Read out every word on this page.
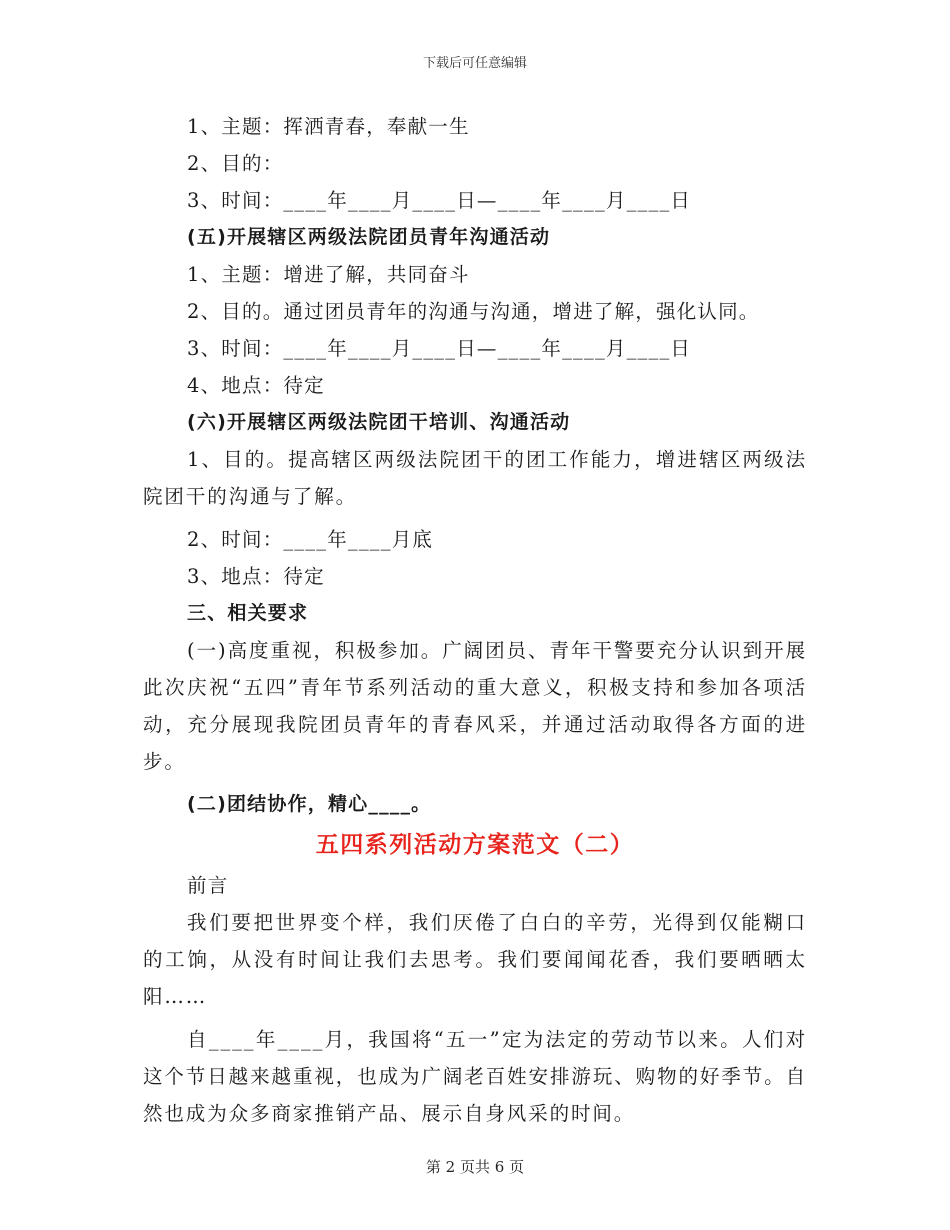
下载后可任意编辑
1、主题：挥洒青春，奉献一生
2、目的：
3、时间：____年____月____日—____年____月____日
(五)开展辖区两级法院团员青年沟通活动
1、主题：增进了解，共同奋斗
2、目的。通过团员青年的沟通与沟通，增进了解，强化认同。
3、时间：____年____月____日—____年____月____日
4、地点：待定
(六)开展辖区两级法院团干培训、沟通活动
1、目的。提高辖区两级法院团干的团工作能力，增进辖区两级法院团干的沟通与了解。
2、时间：____年____月底
3、地点：待定
三、相关要求
(一)高度重视，积极参加。广阔团员、青年干警要充分认识到开展此次庆祝“五四”青年节系列活动的重大意义，积极支持和参加各项活动，充分展现我院团员青年的青春风采，并通过活动取得各方面的进步。
(二)团结协作，精心____。
五四系列活动方案范文（二）
前言
我们要把世界变个样，我们厌倦了白白的辛劳，光得到仅能糊口的工饷，从没有时间让我们去思考。我们要闻闻花香，我们要晒晒太阳……
自____年____月，我国将“五一”定为法定的劳动节以来。人们对这个节日越来越重视，也成为广阔老百姓安排游玩、购物的好季节。自然也成为众多商家推销产品、展示自身风采的时间。
第 2 页共 6 页
